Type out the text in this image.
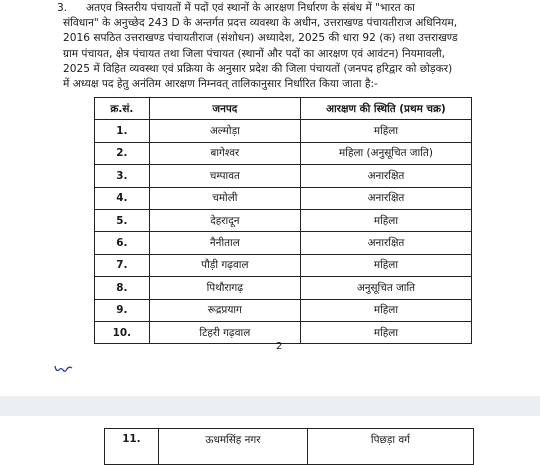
3.	अतएव त्रिस्तरीय पंचायतों में पदों एवं स्थानों के आरक्षण निर्धारण के संबंध में "भारत का
संविधान" के अनुच्छेद 243 D के अन्तर्गत प्रदत्त व्यवस्था के अधीन, उत्तराखण्ड पंचायतीराज अधिनियम,
2016 सपठित उत्तराखण्ड पंचायतीराज (संशोधन) अध्यादेश, 2025 की धारा 92 (क) तथा उत्तराखण्ड
ग्राम पंचायत, क्षेत्र पंचायत तथा जिला पंचायत (स्थानों और पदों का आरक्षण एवं आवंटन) नियमावली,
2025 में विहित व्यवस्था एवं प्रक्रिया के अनुसार प्रदेश की जिला पंचायतों (जनपद हरिद्वार को छोड़कर)
में अध्यक्ष पद हेतु अनंतिम आरक्षण निम्नवत् तालिकानुसार निर्धारित किया जाता है:-
क्र.सं.	जनपद	आरक्षण की स्थिति (प्रथम चक्र)
1.	अल्मोड़ा	महिला
2.	बागेश्वर	महिला (अनुसूचित जाति)
3.	चम्पावत	अनारक्षित
4.	चमोली	अनारक्षित
5.	देहरादून	महिला
6.	नैनीताल	अनारक्षित
7.	पौड़ी गढ़वाल	महिला
8.	पिथौरागढ़	अनुसूचित जाति
9.	रूद्रप्रयाग	महिला
10.	टिहरी गढ़वाल	महिला
2
11.	ऊधमसिंह नगर	पिछड़ा वर्ग
